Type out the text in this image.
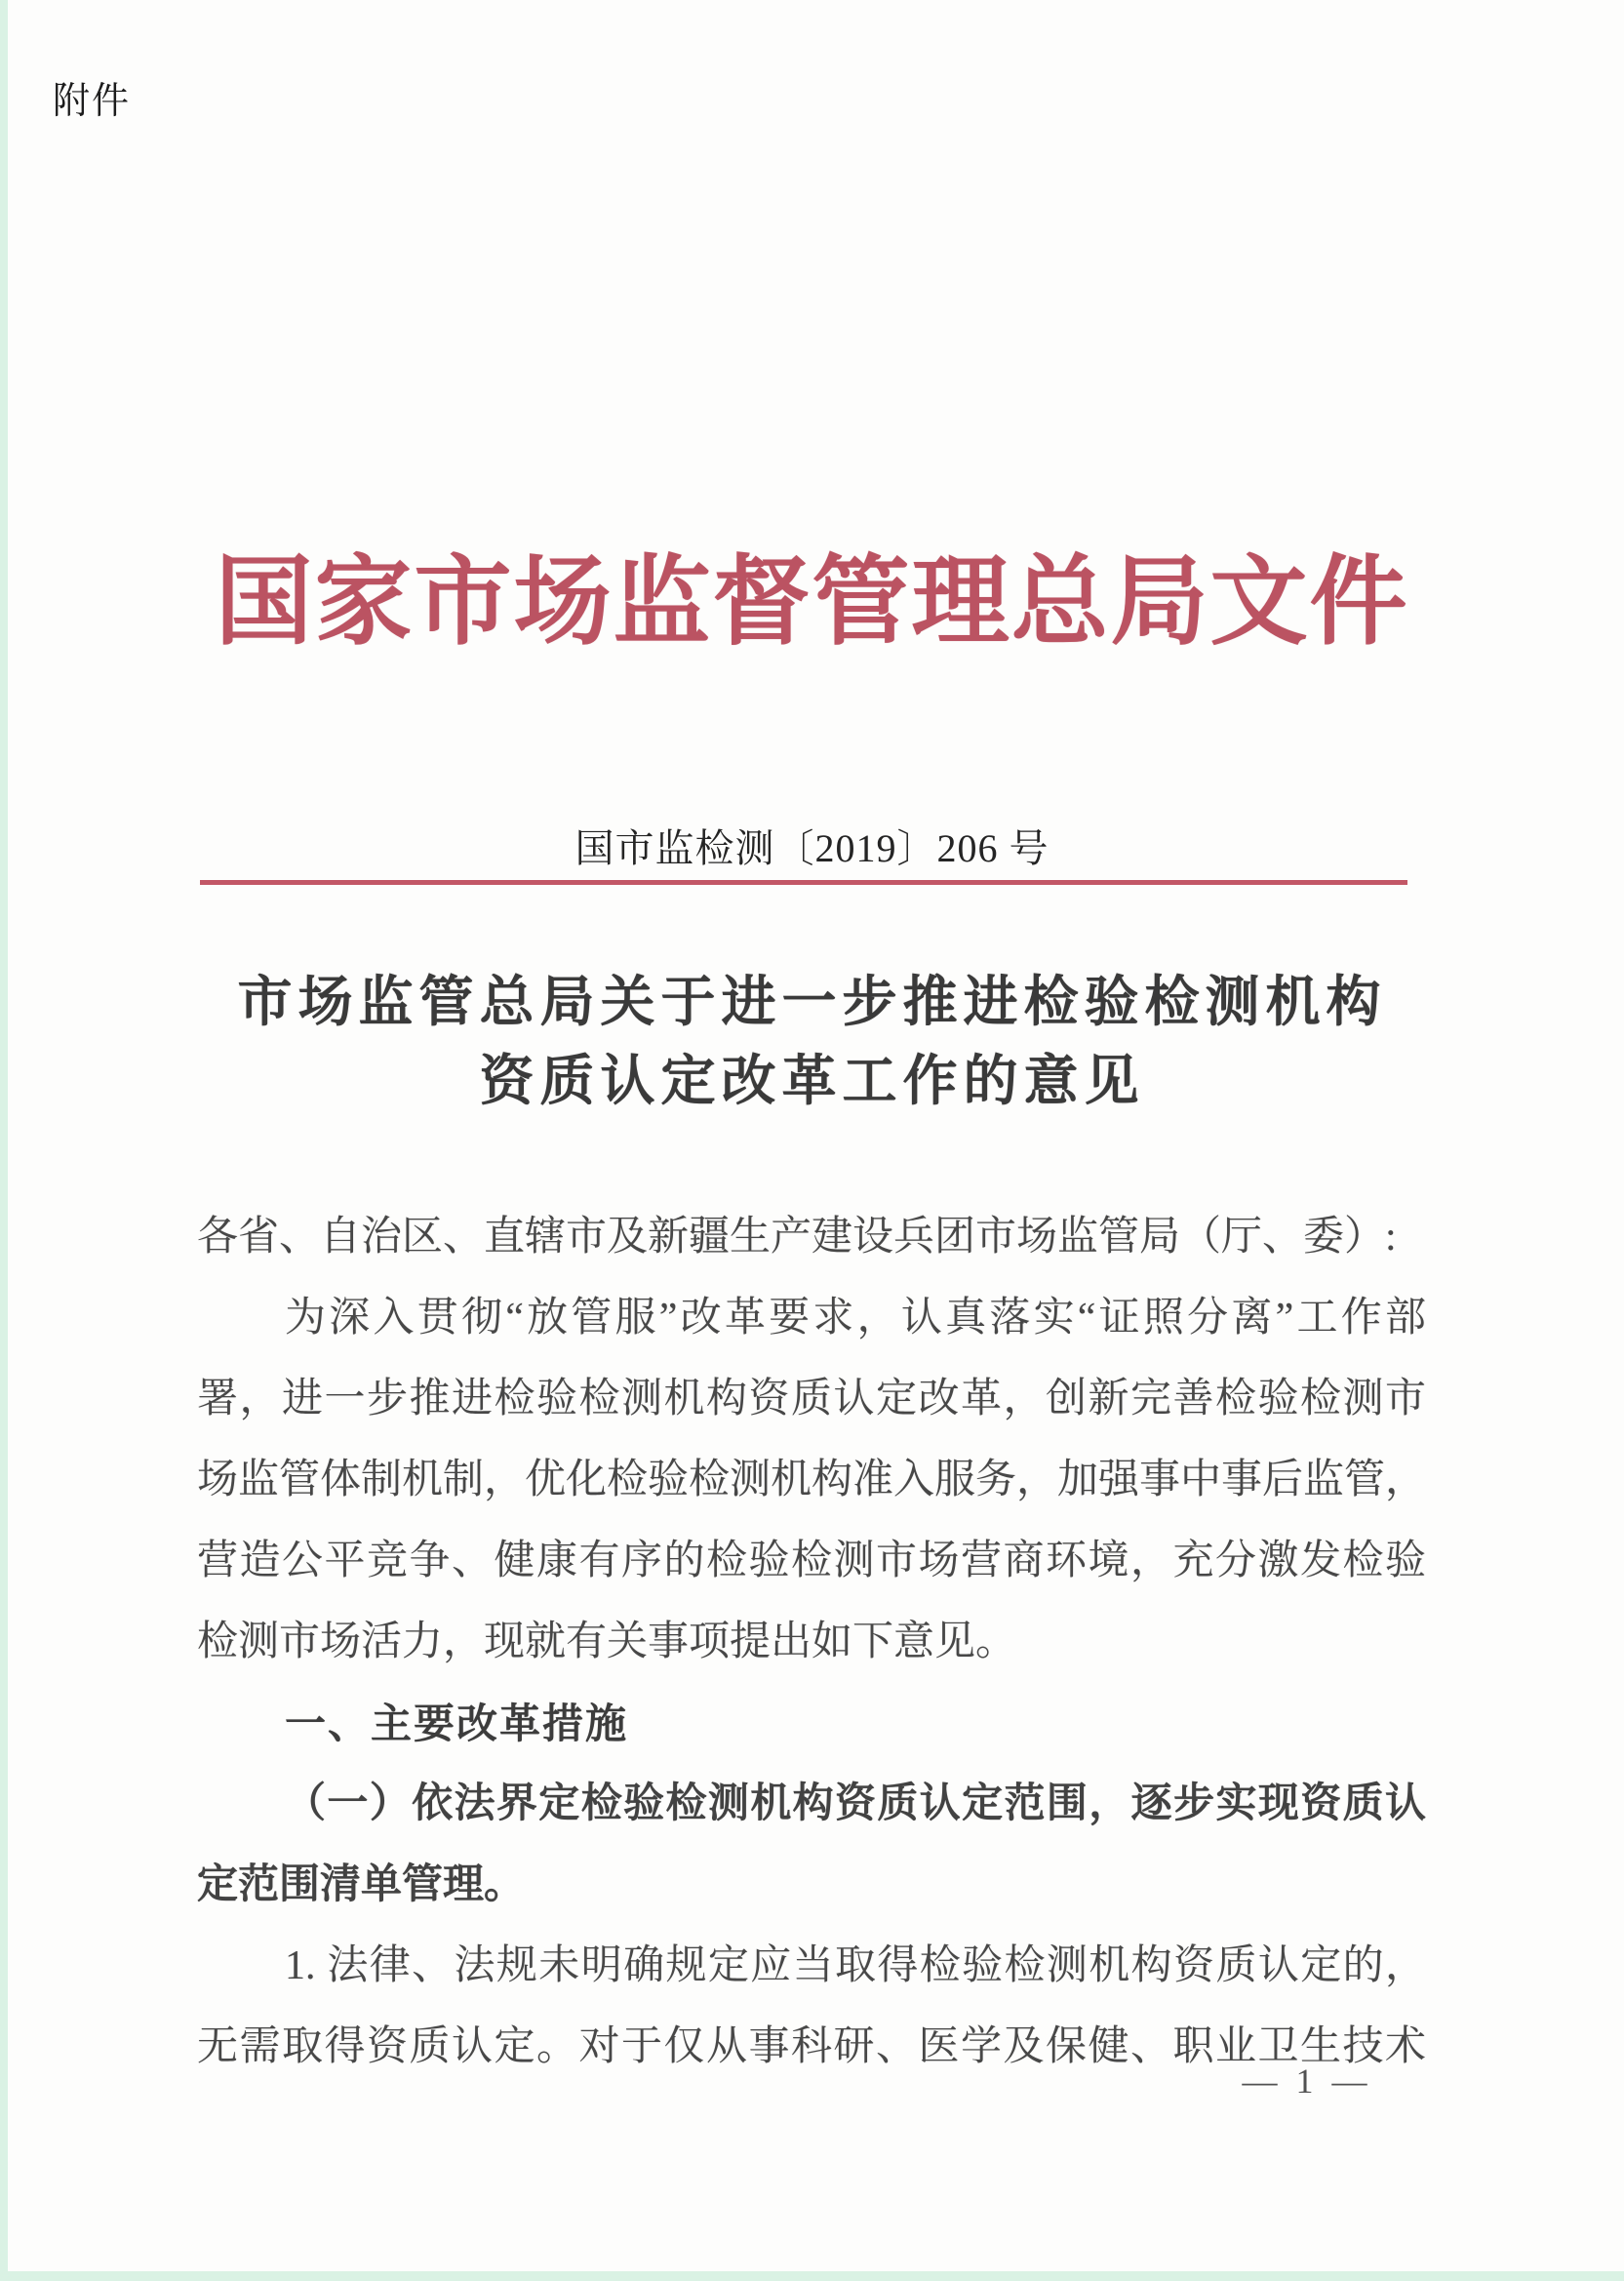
附件
国家市场监督管理总局文件
国市监检测〔2019〕206 号
市场监管总局关于进一步推进检验检测机构
资质认定改革工作的意见
各省、自治区、直辖市及新疆生产建设兵团市场监管局（厅、委）:
为深入贯彻“放管服”改革要求，认真落实“证照分离”工作部
署，进一步推进检验检测机构资质认定改革，创新完善检验检测市
场监管体制机制，优化检验检测机构准入服务，加强事中事后监管，
营造公平竞争、健康有序的检验检测市场营商环境，充分激发检验
检测市场活力，现就有关事项提出如下意见。
一、主要改革措施
（一）依法界定检验检测机构资质认定范围，逐步实现资质认
定范围清单管理。
1. 法律、法规未明确规定应当取得检验检测机构资质认定的，
无需取得资质认定。对于仅从事科研、医学及保健、职业卫生技术
— 1 —
